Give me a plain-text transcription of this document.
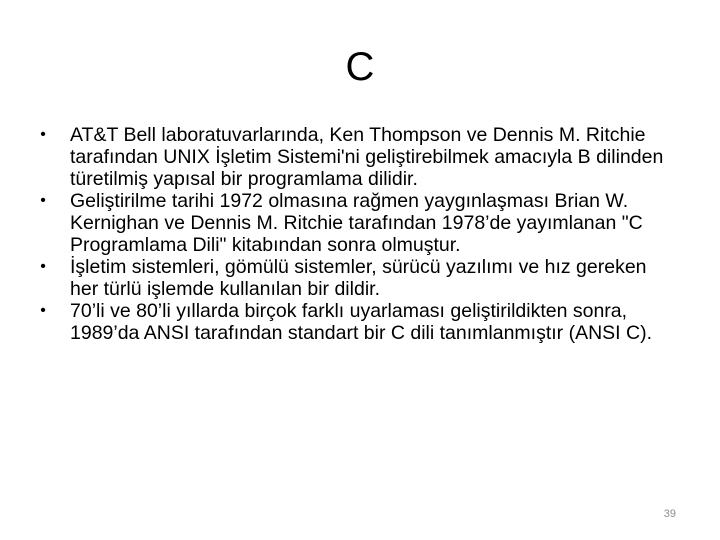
C
• AT&T Bell laboratuvarlarında, Ken Thompson ve Dennis M. Ritchie tarafından UNIX İşletim Sistemi'ni geliştirebilmek amacıyla B dilinden türetilmiş yapısal bir programlama dilidir.
• Geliştirilme tarihi 1972 olmasına rağmen yaygınlaşması Brian W. Kernighan ve Dennis M. Ritchie tarafından 1978’de yayımlanan "C Programlama Dili" kitabından sonra olmuştur.
• İşletim sistemleri, gömülü sistemler, sürücü yazılımı ve hız gereken her türlü işlemde kullanılan bir dildir.
• 70’li ve 80’li yıllarda birçok farklı uyarlaması geliştirildikten sonra, 1989’da ANSI tarafından standart bir C dili tanımlanmıştır (ANSI C).
39
